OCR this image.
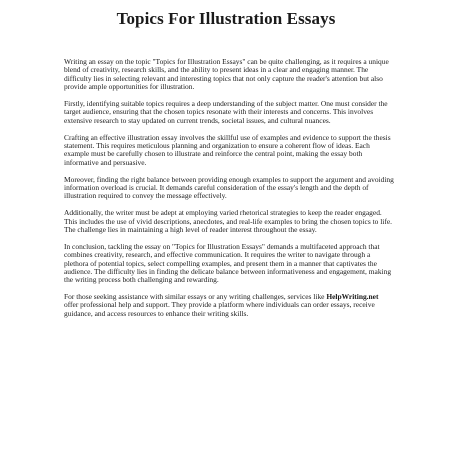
Topics For Illustration Essays

Writing an essay on the topic "Topics for Illustration Essays" can be quite challenging, as it requires a unique blend of creativity, research skills, and the ability to present ideas in a clear and engaging manner. The difficulty lies in selecting relevant and interesting topics that not only capture the reader's attention but also provide ample opportunities for illustration.

Firstly, identifying suitable topics requires a deep understanding of the subject matter. One must consider the target audience, ensuring that the chosen topics resonate with their interests and concerns. This involves extensive research to stay updated on current trends, societal issues, and cultural nuances.

Crafting an effective illustration essay involves the skillful use of examples and evidence to support the thesis statement. This requires meticulous planning and organization to ensure a coherent flow of ideas. Each example must be carefully chosen to illustrate and reinforce the central point, making the essay both informative and persuasive.

Moreover, finding the right balance between providing enough examples to support the argument and avoiding information overload is crucial. It demands careful consideration of the essay's length and the depth of illustration required to convey the message effectively.

Additionally, the writer must be adept at employing varied rhetorical strategies to keep the reader engaged. This includes the use of vivid descriptions, anecdotes, and real-life examples to bring the chosen topics to life. The challenge lies in maintaining a high level of reader interest throughout the essay.

In conclusion, tackling the essay on "Topics for Illustration Essays" demands a multifaceted approach that combines creativity, research, and effective communication. It requires the writer to navigate through a plethora of potential topics, select compelling examples, and present them in a manner that captivates the audience. The difficulty lies in finding the delicate balance between informativeness and engagement, making the writing process both challenging and rewarding.

For those seeking assistance with similar essays or any writing challenges, services like HelpWriting.net offer professional help and support. They provide a platform where individuals can order essays, receive guidance, and access resources to enhance their writing skills.
